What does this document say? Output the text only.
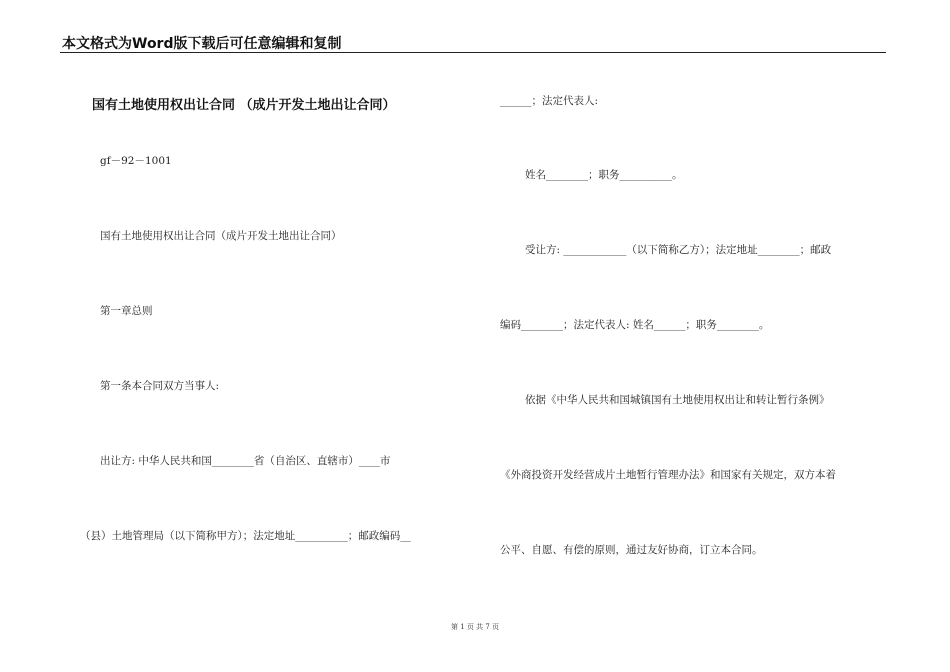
本文格式为Word版下载后可任意编辑和复制
国有土地使用权出让合同 （成片开发土地出让合同）
gf－92－1001
国有土地使用权出让合同（成片开发土地出让合同）
第一章总则
第一条本合同双方当事人:
出让方: 中华人民共和国________省（自治区、直辖市）____市
（县）土地管理局（以下简称甲方）；法定地址__________；邮政编码__
______；法定代表人:
姓名________；职务__________。
受让方: ____________（以下简称乙方）；法定地址________；邮政
编码________；法定代表人: 姓名______；职务________。
依据《中华人民共和国城镇国有土地使用权出让和转让暂行条例》
《外商投资开发经营成片土地暂行管理办法》和国家有关规定，双方本着
公平、自愿、有偿的原则，通过友好协商，订立本合同。
第 1 页 共 7 页
